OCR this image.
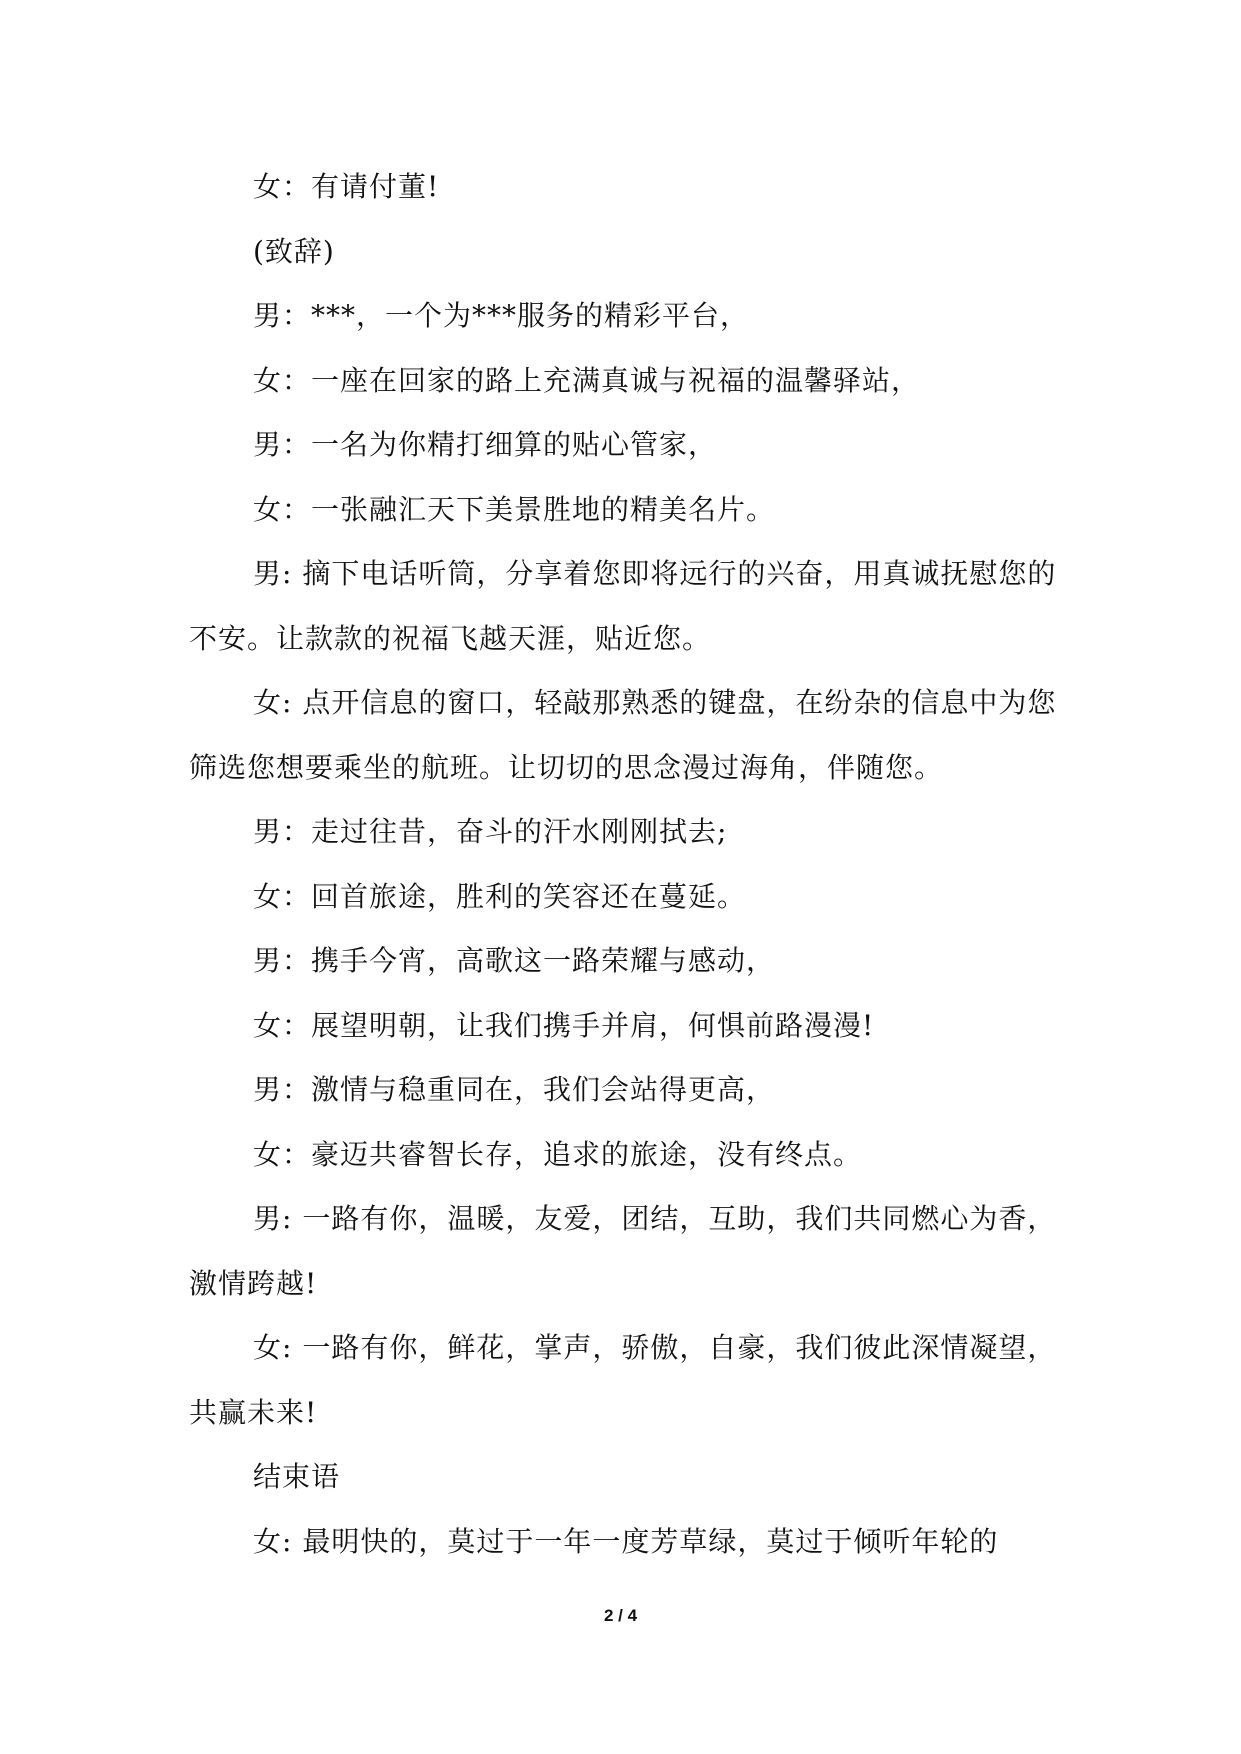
女：有请付董!

(致辞)

男：***，一个为***服务的精彩平台，

女：一座在回家的路上充满真诚与祝福的温馨驿站，

男：一名为你精打细算的贴心管家，

女：一张融汇天下美景胜地的精美名片。

男: 摘下电话听筒，分享着您即将远行的兴奋，用真诚抚慰您的不安。让款款的祝福飞越天涯，贴近您。

女: 点开信息的窗口，轻敲那熟悉的键盘，在纷杂的信息中为您筛选您想要乘坐的航班。让切切的思念漫过海角，伴随您。

男：走过往昔，奋斗的汗水刚刚拭去;

女：回首旅途，胜利的笑容还在蔓延。

男：携手今宵，高歌这一路荣耀与感动，

女：展望明朝，让我们携手并肩，何惧前路漫漫!

男：激情与稳重同在，我们会站得更高，

女：豪迈共睿智长存，追求的旅途，没有终点。

男: 一路有你，温暖，友爱，团结，互助，我们共同燃心为香，激情跨越!

女: 一路有你，鲜花，掌声，骄傲，自豪，我们彼此深情凝望，共赢未来!

结束语

女: 最明快的，莫过于一年一度芳草绿，莫过于倾听年轮的

2 / 4
